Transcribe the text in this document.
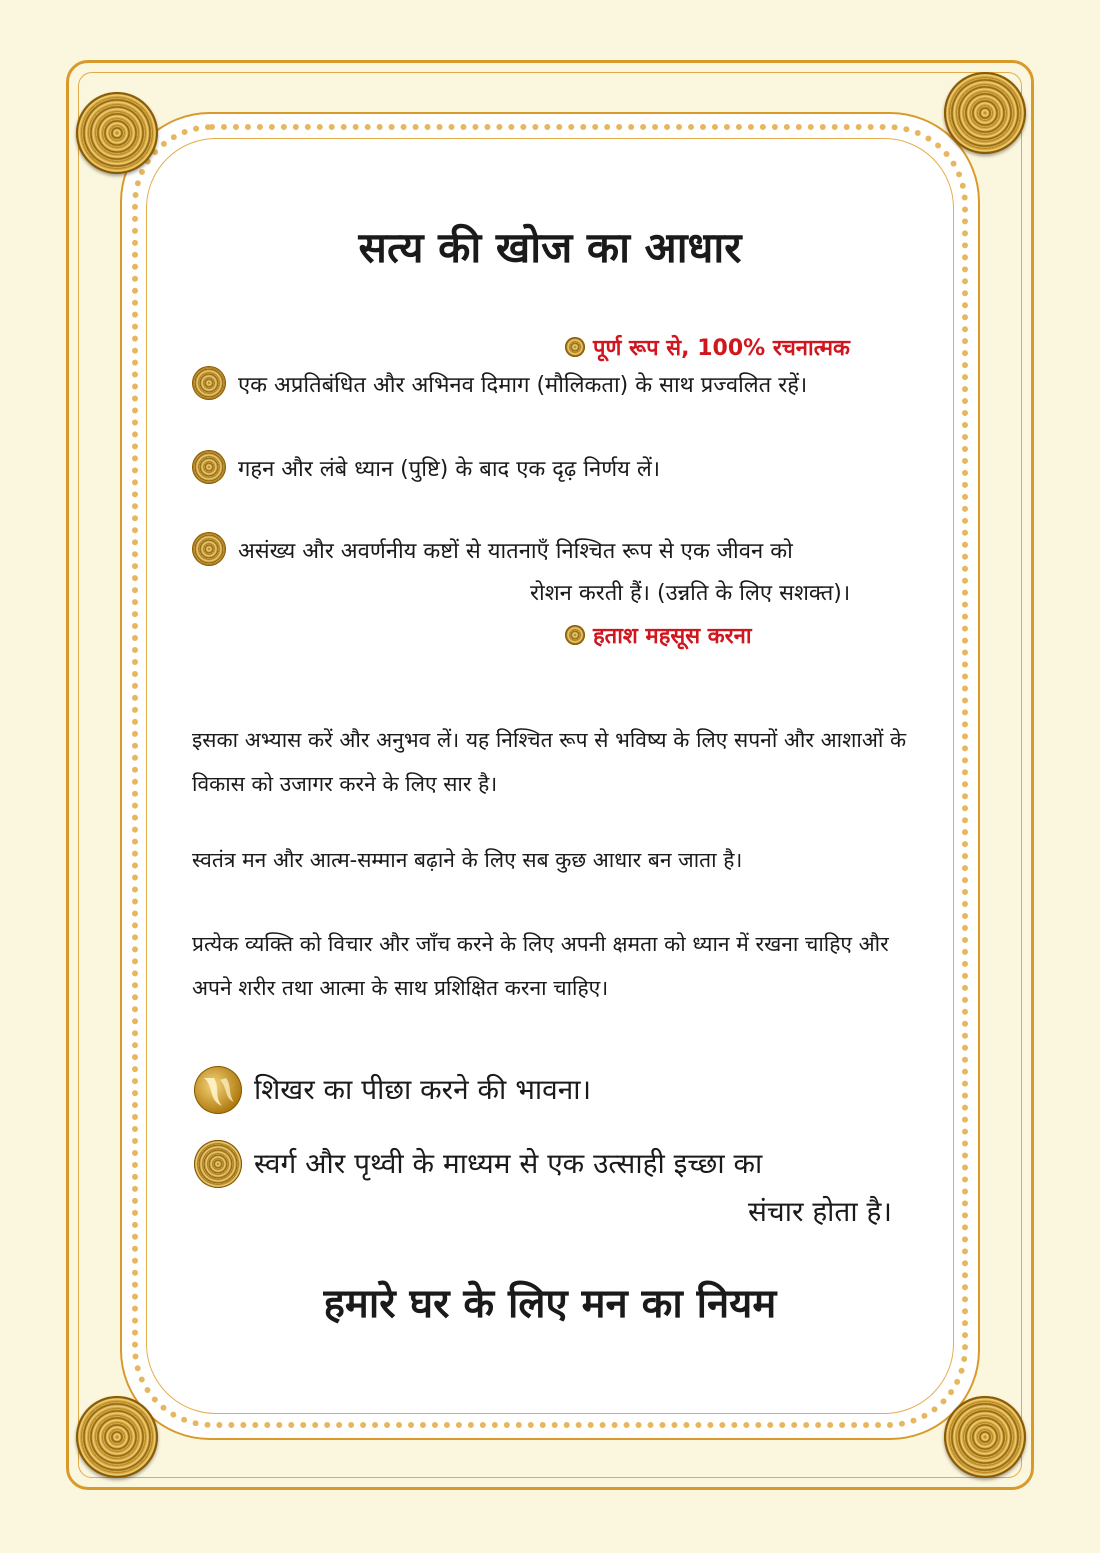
सत्य की खोज का आधार
पूर्ण रूप से, 100% रचनात्मक
एक अप्रतिबंधित और अभिनव दिमाग (मौलिकता) के साथ प्रज्वलित रहें।
गहन और लंबे ध्यान (पुष्टि) के बाद एक दृढ़ निर्णय लें।
असंख्य और अवर्णनीय कष्टों से यातनाएँ निश्चित रूप से एक जीवन को
रोशन करती हैं। (उन्नति के लिए सशक्त)।
हताश महसूस करना

इसका अभ्यास करें और अनुभव लें। यह निश्चित रूप से भविष्य के लिए सपनों और आशाओं के विकास को उजागर करने के लिए सार है।

स्वतंत्र मन और आत्म-सम्मान बढ़ाने के लिए सब कुछ आधार बन जाता है।

प्रत्येक व्यक्ति को विचार और जाँच करने के लिए अपनी क्षमता को ध्यान में रखना चाहिए और अपने शरीर तथा आत्मा के साथ प्रशिक्षित करना चाहिए।

शिखर का पीछा करने की भावना।
स्वर्ग और पृथ्वी के माध्यम से एक उत्साही इच्छा का
संचार होता है।
हमारे घर के लिए मन का नियम
